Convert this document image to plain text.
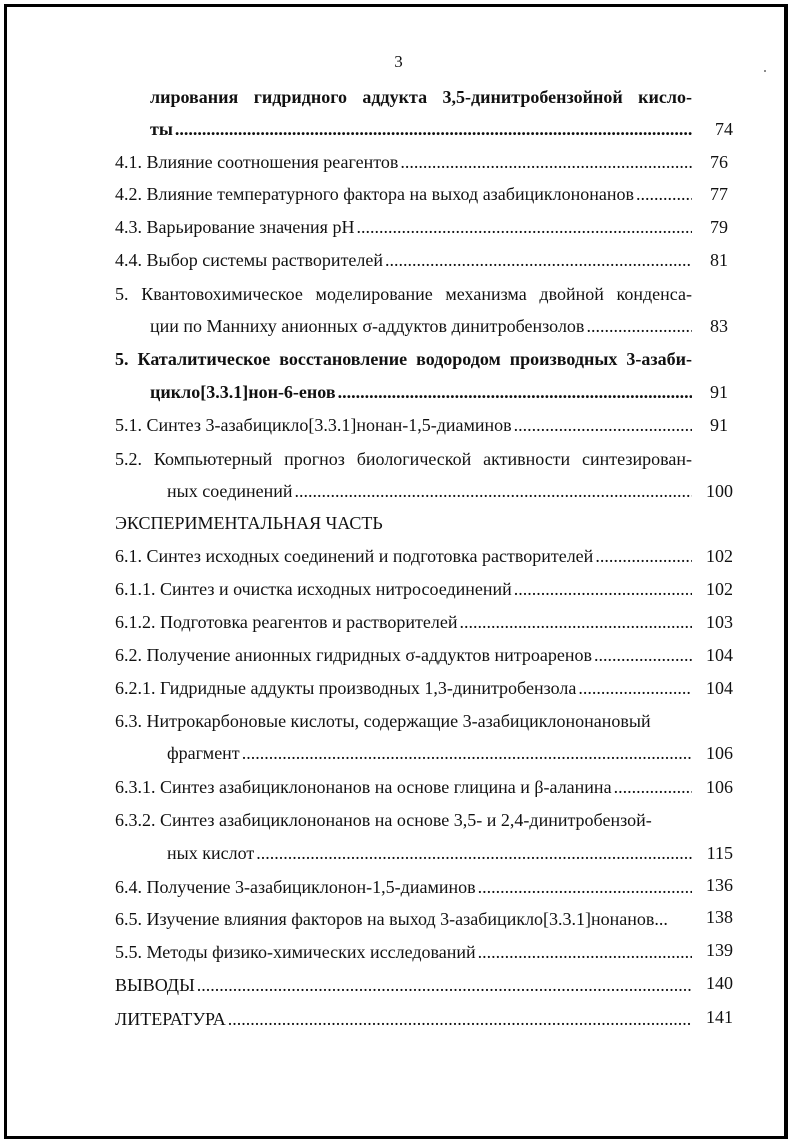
3
лирования гидридного аддукта 3,5-динитробензойной кисло-
ты .....	74
4.1. Влияние соотношения реагентов .....	76
4.2. Влияние температурного фактора на выход азабициклононанов .....	77
4.3. Варьирование значения pH .....	79
4.4. Выбор системы растворителей .....	81
5. Квантовохимическое моделирование механизма двойной конденса-
ции по Манниху анионных σ-аддуктов динитробензолов .....	83
5. Каталитическое восстановление водородом производных 3-азаби-
цикло[3.3.1]нон-6-енов .....	91
5.1. Синтез 3-азабицикло[3.3.1]нонан-1,5-диаминов .....	91
5.2. Компьютерный прогноз биологической активности синтезирован-
ных соединений .....	100
ЭКСПЕРИМЕНТАЛЬНАЯ ЧАСТЬ
6.1. Синтез исходных соединений и подготовка растворителей .....	102
6.1.1. Синтез и очистка исходных нитросоединений .....	102
6.1.2. Подготовка реагентов и растворителей .....	103
6.2. Получение анионных гидридных σ-аддуктов нитроаренов .....	104
6.2.1. Гидридные аддукты производных 1,3-динитробензола .....	104
6.3. Нитрокарбоновые кислоты, содержащие 3-азабициклононановый
фрагмент .....	106
6.3.1. Синтез азабициклононанов на основе глицина и β-аланина .....	106
6.3.2. Синтез азабициклононанов на основе 3,5- и 2,4-динитробензой-
ных кислот .....	115
6.4. Получение 3-азабициклонон-1,5-диаминов .....	136
6.5. Изучение влияния факторов на выход 3-азабицикло[3.3.1]нонанов...	138
5.5. Методы физико-химических исследований .....	139
ВЫВОДЫ .....	140
ЛИТЕРАТУРА .....	141
